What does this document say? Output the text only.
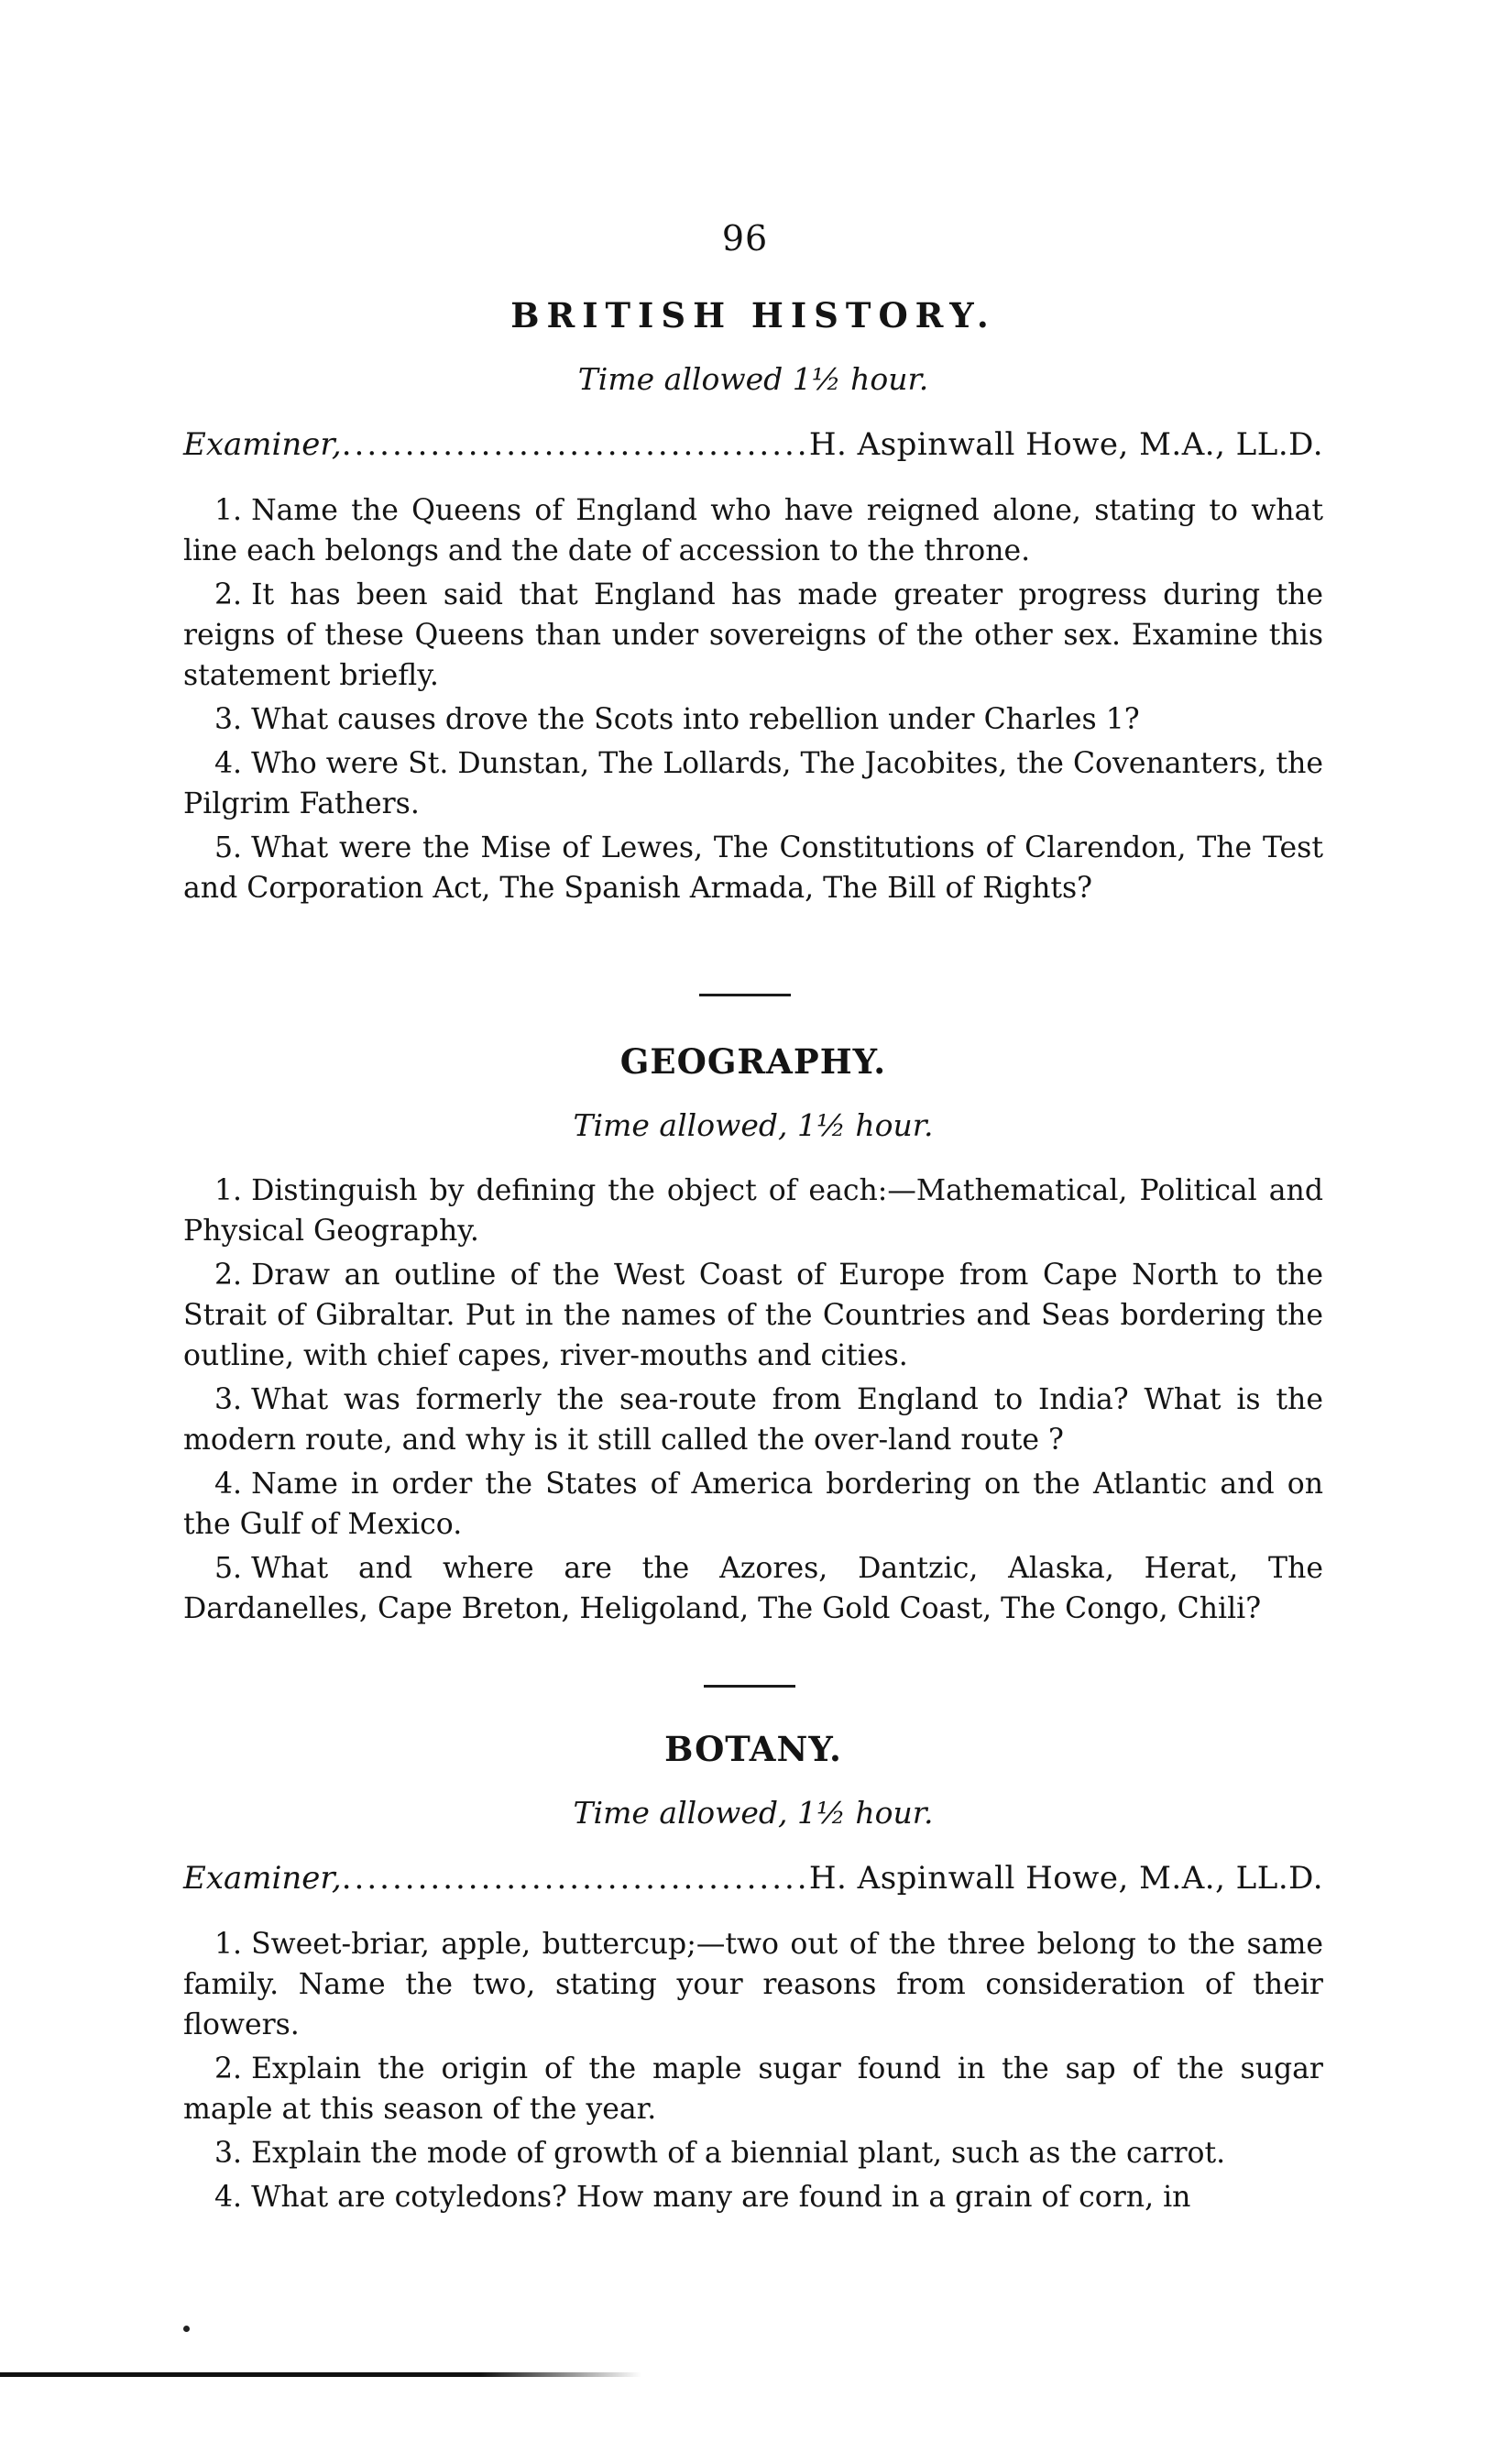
96
BRITISH HISTORY.
Time allowed 1½ hour.
Examiner, .....	H. Aspinwall Howe, M.A., LL.D.
1. Name the Queens of England who have reigned alone, stating to what line each belongs and the date of accession to the throne.
2. It has been said that England has made greater progress during the reigns of these Queens than under sovereigns of the other sex. Examine this statement briefly.
3. What causes drove the Scots into rebellion under Charles 1?
4. Who were St. Dunstan, The Lollards, The Jacobites, the Covenanters, the Pilgrim Fathers.
5. What were the Mise of Lewes, The Constitutions of Clarendon, The Test and Corporation Act, The Spanish Armada, The Bill of Rights?
GEOGRAPHY.
Time allowed, 1½ hour.
1. Distinguish by defining the object of each:—Mathematical, Political and Physical Geography.
2. Draw an outline of the West Coast of Europe from Cape North to the Strait of Gibraltar. Put in the names of the Countries and Seas bordering the outline, with chief capes, river-mouths and cities.
3. What was formerly the sea-route from England to India? What is the modern route, and why is it still called the over-land route ?
4. Name in order the States of America bordering on the Atlantic and on the Gulf of Mexico.
5. What and where are the Azores, Dantzic, Alaska, Herat, The Dardanelles, Cape Breton, Heligoland, The Gold Coast, The Congo, Chili?
BOTANY.
Time allowed, 1½ hour.
Examiner, .....	H. Aspinwall Howe, M.A., LL.D.
1. Sweet-briar, apple, buttercup;—two out of the three belong to the same family. Name the two, stating your reasons from consideration of their flowers.
2. Explain the origin of the maple sugar found in the sap of the sugar maple at this season of the year.
3. Explain the mode of growth of a biennial plant, such as the carrot.
4. What are cotyledons? How many are found in a grain of corn, in
